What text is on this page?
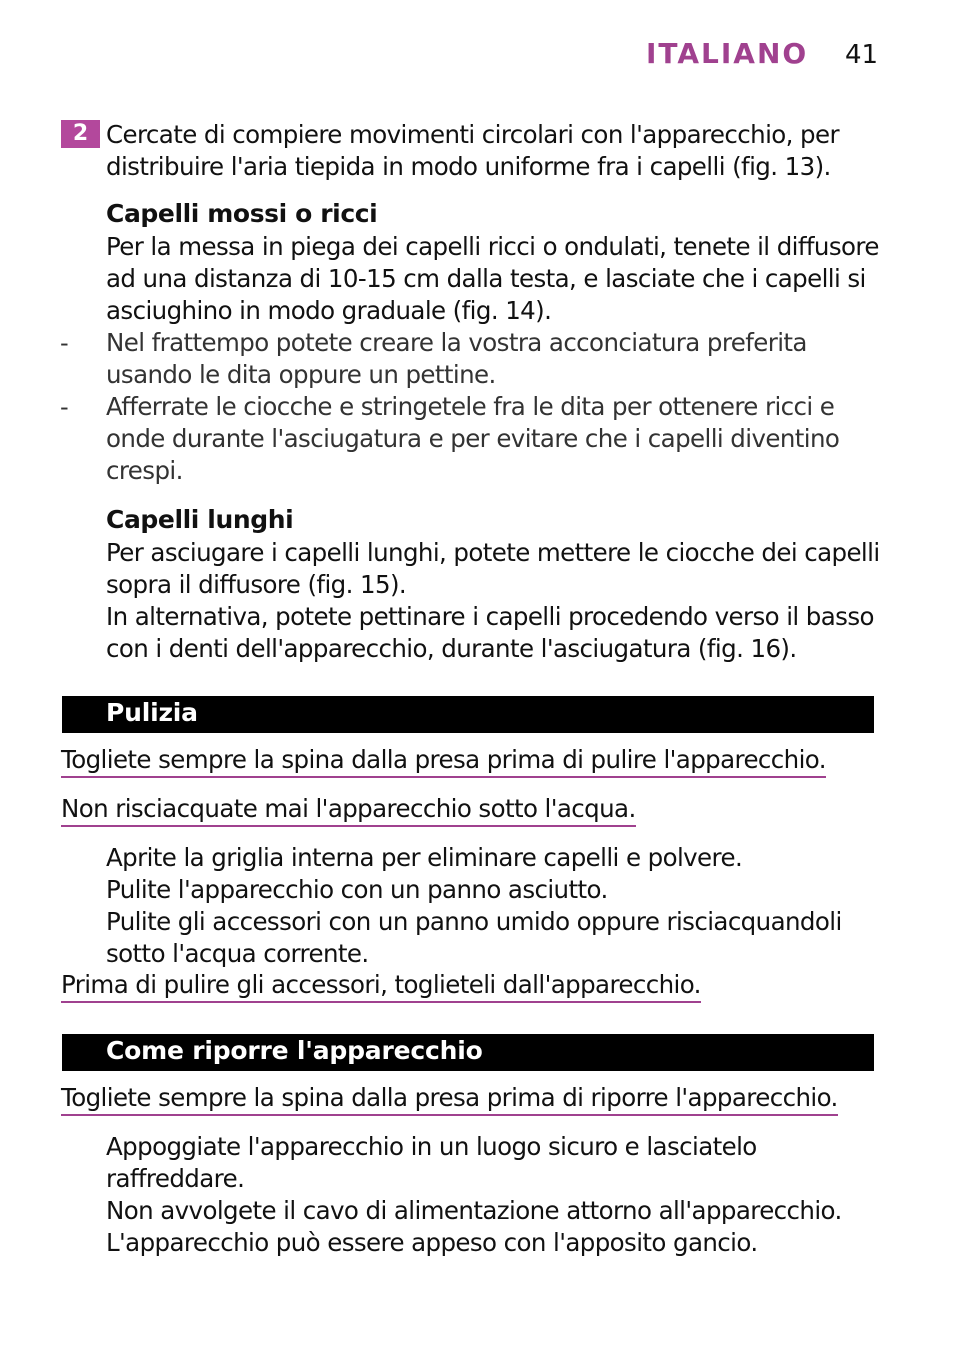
ITALIANO 41
2 Cercate di compiere movimenti circolari con l'apparecchio, per
distribuire l'aria tiepida in modo uniforme fra i capelli (fig. 13).
Capelli mossi o ricci
Per la messa in piega dei capelli ricci o ondulati, tenete il diffusore
ad una distanza di 10-15 cm dalla testa, e lasciate che i capelli si
asciughino in modo graduale (fig. 14).
- Nel frattempo potete creare la vostra acconciatura preferita
usando le dita oppure un pettine.
- Afferrate le ciocche e stringetele fra le dita per ottenere ricci e
onde durante l'asciugatura e per evitare che i capelli diventino
crespi.
Capelli lunghi
Per asciugare i capelli lunghi, potete mettere le ciocche dei capelli
sopra il diffusore (fig. 15).
In alternativa, potete pettinare i capelli procedendo verso il basso
con i denti dell'apparecchio, durante l'asciugatura (fig. 16).
Pulizia
Togliete sempre la spina dalla presa prima di pulire l'apparecchio.
Non risciacquate mai l'apparecchio sotto l'acqua.
Aprite la griglia interna per eliminare capelli e polvere.
Pulite l'apparecchio con un panno asciutto.
Pulite gli accessori con un panno umido oppure risciacquandoli
sotto l'acqua corrente.
Prima di pulire gli accessori, toglieteli dall'apparecchio.
Come riporre l'apparecchio
Togliete sempre la spina dalla presa prima di riporre l'apparecchio.
Appoggiate l'apparecchio in un luogo sicuro e lasciatelo
raffreddare.
Non avvolgete il cavo di alimentazione attorno all'apparecchio.
L'apparecchio può essere appeso con l'apposito gancio.
